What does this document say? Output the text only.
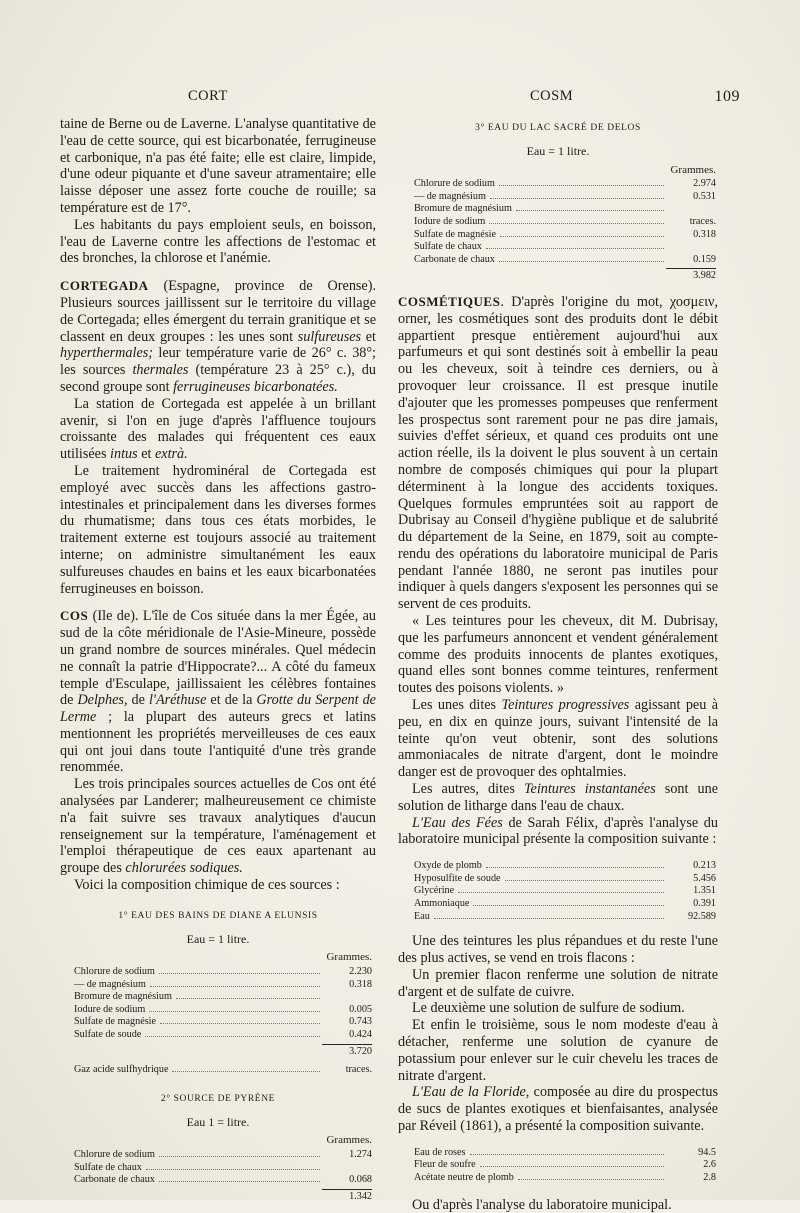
CORT	COSM	109

taine de Berne ou de Laverne. L'analyse quantitative de l'eau de cette source, qui est bicarbonatée, ferrugineuse et carbonique, n'a pas été faite; elle est claire, limpide, d'une odeur piquante et d'une saveur atramentaire; elle laisse déposer une assez forte couche de rouille; sa température est de 17°.

Les habitants du pays emploient seuls, en boisson, l'eau de Laverne contre les affections de l'estomac et des bronches, la chlorose et l'anémie.

CORTEGADA (Espagne, province de Orense). Plusieurs sources jaillissent sur le territoire du village de Cortegada; elles émergent du terrain granitique et se classent en deux groupes : les unes sont sulfureuses et hyperthermales; leur température varie de 26° c. 38°; les sources thermales (température 23 à 25° c.), du second groupe sont ferrugineuses bicarbonatées.

La station de Cortegada est appelée à un brillant avenir, si l'on en juge d'après l'affluence toujours croissante des malades qui fréquentent ces eaux utilisées intus et extrà.

Le traitement hydrominéral de Cortegada est employé avec succès dans les affections gastro-intestinales et principalement dans les diverses formes du rhumatisme; dans tous ces états morbides, le traitement externe est toujours associé au traitement interne; on administre simultanément les eaux sulfureuses chaudes en bains et les eaux bicarbonatées ferrugineuses en boisson.

COS (Ile de). L'île de Cos située dans la mer Égée, au sud de la côte méridionale de l'Asie-Mineure, possède un grand nombre de sources minérales. Quel médecin ne connaît la patrie d'Hippocrate?... A côté du fameux temple d'Esculape, jaillissaient les célèbres fontaines de Delphes, de l'Aréthuse et de la Grotte du Serpent de Lerme ; la plupart des auteurs grecs et latins mentionnent les propriétés merveilleuses de ces eaux qui ont joui dans toute l'antiquité d'une très grande renommée.

Les trois principales sources actuelles de Cos ont été analysées par Landerer; malheureusement ce chimiste n'a fait suivre ses travaux analytiques d'aucun renseignement sur la température, l'aménagement et l'emploi thérapeutique de ces eaux apartenant au groupe des chlorurées sodiques.

Voici la composition chimique de ces sources :

1° EAU DES BAINS DE DIANE A ELUNSIS
Eau = 1 litre.
Grammes.
Chlorure de sodium	2.230
— de magnésium	0.318
Bromure de magnésium
Iodure de sodium	0.005
Sulfate de magnésie	0.743
Sulfate de soude	0.424
3.720
Gaz acide sulfhydrique	traces.
2° SOURCE DE PYRÈNE
Eau 1 = litre.
Grammes.
Chlorure de sodium	1.274
Sulfate de chaux
Carbonate de chaux	0.068
1.342
3° EAU DU LAC SACRÉ DE DELOS
Eau = 1 litre.
Grammes.
Chlorure de sodium	2.974
— de magnésium	0.531
Bromure de magnésium
Iodure de sodium	traces.
Sulfate de magnésie	0.318
Sulfate de chaux
Carbonate de chaux	0.159
3.982

COSMÉTIQUES. D'après l'origine du mot, χοσμειν, orner, les cosmétiques sont des produits dont le débit appartient presque entièrement aujourd'hui aux parfumeurs et qui sont destinés soit à embellir la peau ou les cheveux, soit à teindre ces derniers, ou à provoquer leur croissance. Il est presque inutile d'ajouter que les promesses pompeuses que renferment les prospectus sont rarement pour ne pas dire jamais, suivies d'effet sérieux, et quand ces produits ont une action réelle, ils la doivent le plus souvent à un certain nombre de composés chimiques qui pour la plupart déterminent à la longue des accidents toxiques. Quelques formules empruntées soit au rapport de Dubrisay au Conseil d'hygiène publique et de salubrité du département de la Seine, en 1879, soit au compte-rendu des opérations du laboratoire municipal de Paris pendant l'année 1880, ne seront pas inutiles pour indiquer à quels dangers s'exposent les personnes qui se servent de ces produits.

« Les teintures pour les cheveux, dit M. Dubrisay, que les parfumeurs annoncent et vendent généralement comme des produits innocents de plantes exotiques, quand elles sont bonnes comme teintures, renferment toutes des poisons violents. »

Les unes dites Teintures progressives agissant peu à peu, en dix en quinze jours, suivant l'intensité de la teinte qu'on veut obtenir, sont des solutions ammoniacales de nitrate d'argent, dont le moindre danger est de provoquer des ophtalmies.

Les autres, dites Teintures instantanées sont une solution de litharge dans l'eau de chaux.

L'Eau des Fées de Sarah Félix, d'après l'analyse du laboratoire municipal présente la composition suivante :

Oxyde de plomb	0.213
Hyposulfite de soude	5.456
Glycérine	1.351
Ammoniaque	0.391
Eau	92.589

Une des teintures les plus répandues et du reste l'une des plus actives, se vend en trois flacons :

Un premier flacon renferme une solution de nitrate d'argent et de sulfate de cuivre.

Le deuxième une solution de sulfure de sodium.

Et enfin le troisième, sous le nom modeste d'eau à détacher, renferme une solution de cyanure de potassium pour enlever sur le cuir chevelu les traces de nitrate d'argent.

L'Eau de la Floride, composée au dire du prospectus de sucs de plantes exotiques et bienfaisantes, analysée par Réveil (1861), a présenté la composition suivante.

Eau de roses	94.5
Fleur de soufre	2.6
Acétate neutre de plomb	2.8

Ou d'après l'analyse du laboratoire municipal.
